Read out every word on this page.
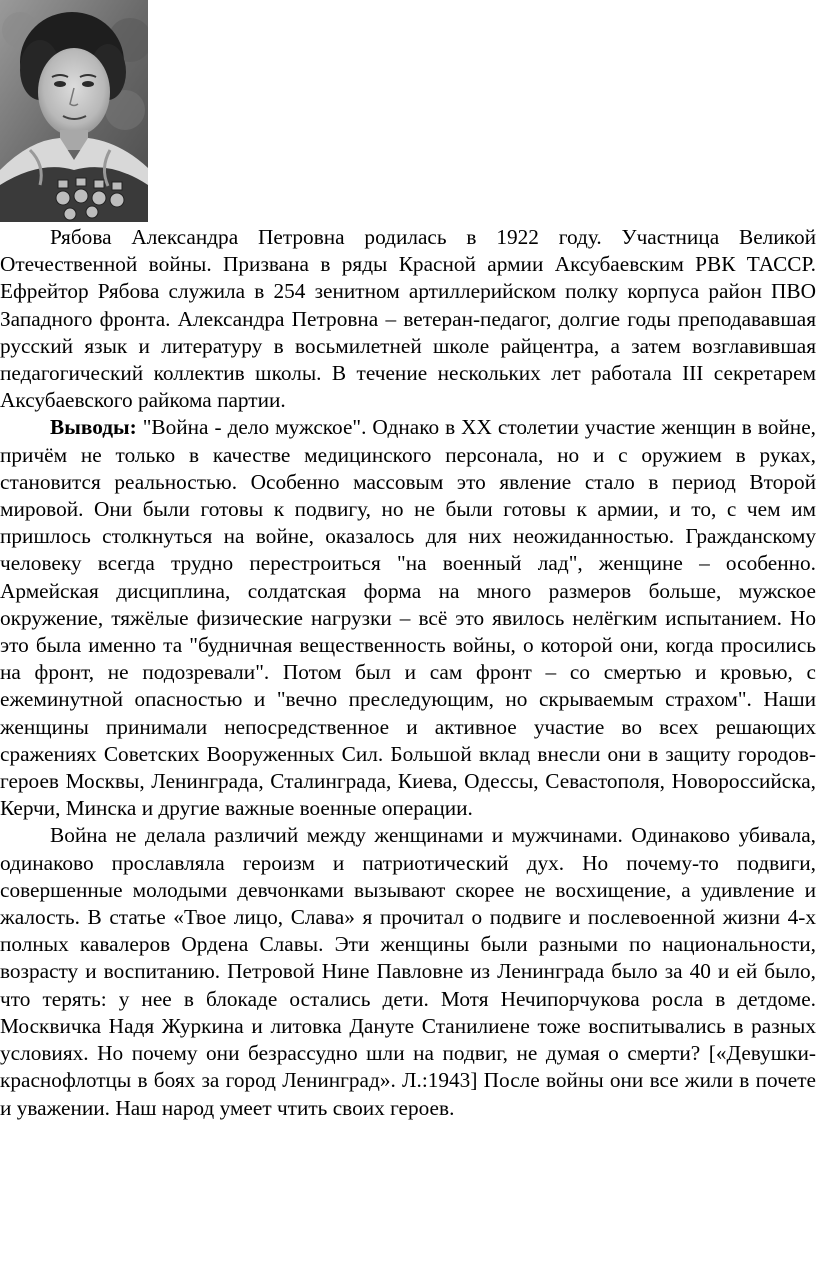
Рябова Александра Петровна родилась в 1922 году. Участница Великой Отечественной войны. Призвана в ряды Красной армии Аксубаевским РВК ТАССР. Ефрейтор Рябова служила в 254 зенитном артиллерийском полку корпуса район ПВО Западного фронта. Александра Петровна – ветеран-педагог, долгие годы преподававшая русский язык и литературу в восьмилетней школе райцентра, а затем возглавившая педагогический коллектив школы. В течение нескольких лет работала III секретарем Аксубаевского райкома партии.

Выводы: "Война - дело мужское". Однако в XX столетии участие женщин в войне, причём не только в качестве медицинского персонала, но и с оружием в руках, становится реальностью. Особенно массовым это явление стало в период Второй мировой. Они были готовы к подвигу, но не были готовы к армии, и то, с чем им пришлось столкнуться на войне, оказалось для них неожиданностью. Гражданскому человеку всегда трудно перестроиться "на военный лад", женщине – особенно. Армейская дисциплина, солдатская форма на много размеров больше, мужское окружение, тяжёлые физические нагрузки – всё это явилось нелёгким испытанием. Но это была именно та "будничная вещественность войны, о которой они, когда просились на фронт, не подозревали". Потом был и сам фронт – со смертью и кровью, с ежеминутной опасностью и "вечно преследующим, но скрываемым страхом". Наши женщины принимали непосредственное и активное участие во всех решающих сражениях Советских Вооруженных Сил. Большой вклад внесли они в защиту городов-героев Москвы, Ленинграда, Сталинграда, Киева, Одессы, Севастополя, Новороссийска, Керчи, Минска и другие важные военные операции.

Война не делала различий между женщинами и мужчинами. Одинаково убивала, одинаково прославляла героизм и патриотический дух. Но почему-то подвиги, совершенные молодыми девчонками вызывают скорее не восхищение, а удивление и жалость. В статье «Твое лицо, Слава» я прочитал о подвиге и послевоенной жизни 4-х полных кавалеров Ордена Славы. Эти женщины были разными по национальности, возрасту и воспитанию. Петровой Нине Павловне из Ленинграда было за 40 и ей было, что терять: у нее в блокаде остались дети. Мотя Нечипорчукова росла в детдоме. Москвичка Надя Журкина и литовка Дануте Станилиене тоже воспитывались в разных условиях. Но почему они безрассудно шли на подвиг, не думая о смерти? [«Девушки-краснофлотцы в боях за город Ленинград». Л.:1943] После войны они все жили в почете и уважении. Наш народ умеет чтить своих героев.
